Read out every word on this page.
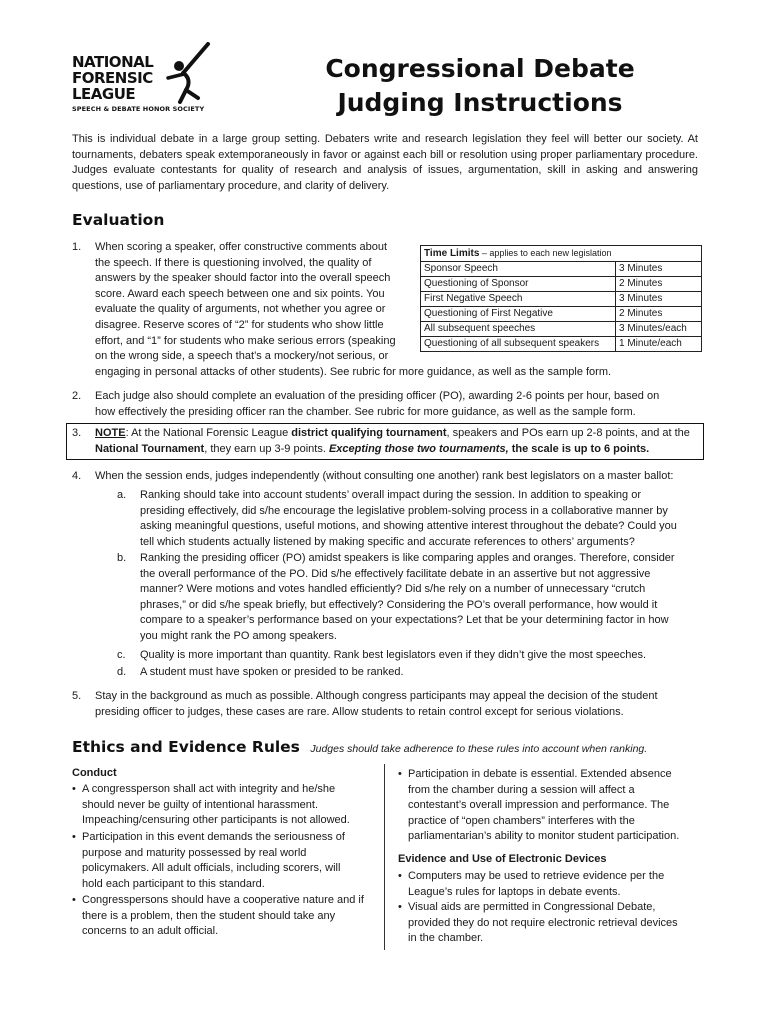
NATIONAL
FORENSIC
LEAGUE
SPEECH & DEBATE HONOR SOCIETY
Congressional Debate
Judging Instructions
This is individual debate in a large group setting. Debaters write and research legislation they feel will better our society. At tournaments, debaters speak extemporaneously in favor or against each bill or resolution using proper parliamentary procedure. Judges evaluate contestants for quality of research and analysis of issues, argumentation, skill in asking and answering questions, use of parliamentary procedure, and clarity of delivery.
Evaluation
1. When scoring a speaker, offer constructive comments about
the speech. If there is questioning involved, the quality of
answers by the speaker should factor into the overall speech
score. Award each speech between one and six points. You
evaluate the quality of arguments, not whether you agree or
disagree. Reserve scores of “2” for students who show little
effort, and “1” for students who make serious errors (speaking
on the wrong side, a speech that’s a mockery/not serious, or
engaging in personal attacks of other students). See rubric for more guidance, as well as the sample form.
Time Limits – applies to each new legislation	
Sponsor Speech	3 Minutes
Questioning of Sponsor	2 Minutes
First Negative Speech	3 Minutes
Questioning of First Negative	2 Minutes
All subsequent speeches	3 Minutes/each
Questioning of all subsequent speakers	1 Minute/each
2. Each judge also should complete an evaluation of the presiding officer (PO), awarding 2-6 points per hour, based on
how effectively the presiding officer ran the chamber. See rubric for more guidance, as well as the sample form.
3. NOTE: At the National Forensic League district qualifying tournament, speakers and POs earn up 2-8 points, and at the
National Tournament, they earn up 3-9 points. Excepting those two tournaments, the scale is up to 6 points.
4. When the session ends, judges independently (without consulting one another) rank best legislators on a master ballot:
a. Ranking should take into account students’ overall impact during the session. In addition to speaking or
presiding effectively, did s/he encourage the legislative problem-solving process in a collaborative manner by
asking meaningful questions, useful motions, and showing attentive interest throughout the debate? Could you
tell which students actually listened by making specific and accurate references to others’ arguments?
b. Ranking the presiding officer (PO) amidst speakers is like comparing apples and oranges. Therefore, consider
the overall performance of the PO. Did s/he effectively facilitate debate in an assertive but not aggressive
manner? Were motions and votes handled efficiently? Did s/he rely on a number of unnecessary “crutch
phrases,” or did s/he speak briefly, but effectively? Considering the PO’s overall performance, how would it
compare to a speaker’s performance based on your expectations? Let that be your determining factor in how
you might rank the PO among speakers.
c. Quality is more important than quantity. Rank best legislators even if they didn’t give the most speeches.
d. A student must have spoken or presided to be ranked.
5. Stay in the background as much as possible. Although congress participants may appeal the decision of the student
presiding officer to judges, these cases are rare. Allow students to retain control except for serious violations.
Ethics and Evidence Rules Judges should take adherence to these rules into account when ranking.
Conduct
• A congressperson shall act with integrity and he/she
should never be guilty of intentional harassment.
Impeaching/censuring other participants is not allowed.
• Participation in this event demands the seriousness of
purpose and maturity possessed by real world
policymakers. All adult officials, including scorers, will
hold each participant to this standard.
• Congresspersons should have a cooperative nature and if
there is a problem, then the student should take any
concerns to an adult official.
• Participation in debate is essential. Extended absence
from the chamber during a session will affect a
contestant’s overall impression and performance. The
practice of “open chambers” interferes with the
parliamentarian’s ability to monitor student participation.
Evidence and Use of Electronic Devices
• Computers may be used to retrieve evidence per the
League’s rules for laptops in debate events.
• Visual aids are permitted in Congressional Debate,
provided they do not require electronic retrieval devices
in the chamber.
